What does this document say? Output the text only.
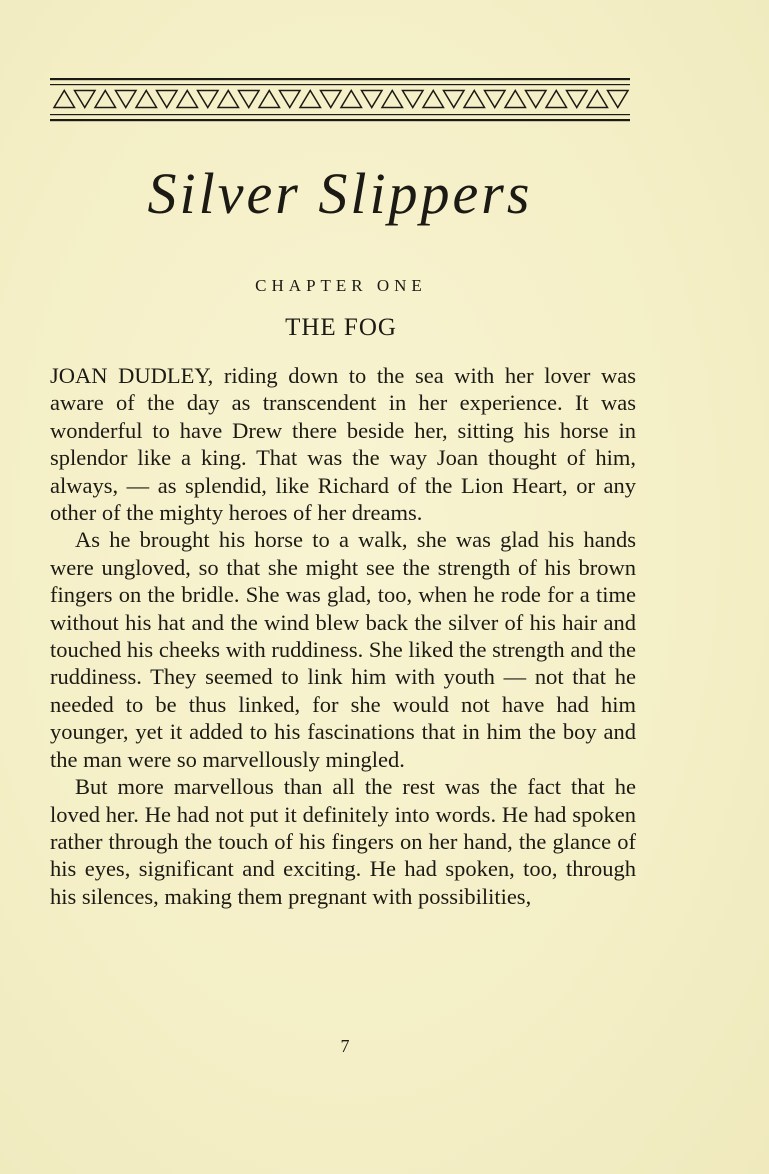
Silver Slippers
CHAPTER ONE
THE FOG

JOAN DUDLEY, riding down to the sea with her lover was aware of the day as transcendent in her experience. It was wonderful to have Drew there beside her, sitting his horse in splendor like a king. That was the way Joan thought of him, always, — as splendid, like Richard of the Lion Heart, or any other of the mighty heroes of her dreams.

As he brought his horse to a walk, she was glad his hands were ungloved, so that she might see the strength of his brown fingers on the bridle. She was glad, too, when he rode for a time without his hat and the wind blew back the silver of his hair and touched his cheeks with ruddiness. She liked the strength and the ruddiness. They seemed to link him with youth — not that he needed to be thus linked, for she would not have had him younger, yet it added to his fascinations that in him the boy and the man were so marvellously mingled.

But more marvellous than all the rest was the fact that he loved her. He had not put it definitely into words. He had spoken rather through the touch of his fingers on her hand, the glance of his eyes, significant and exciting. He had spoken, too, through his silences, making them pregnant with possibilities,

7
